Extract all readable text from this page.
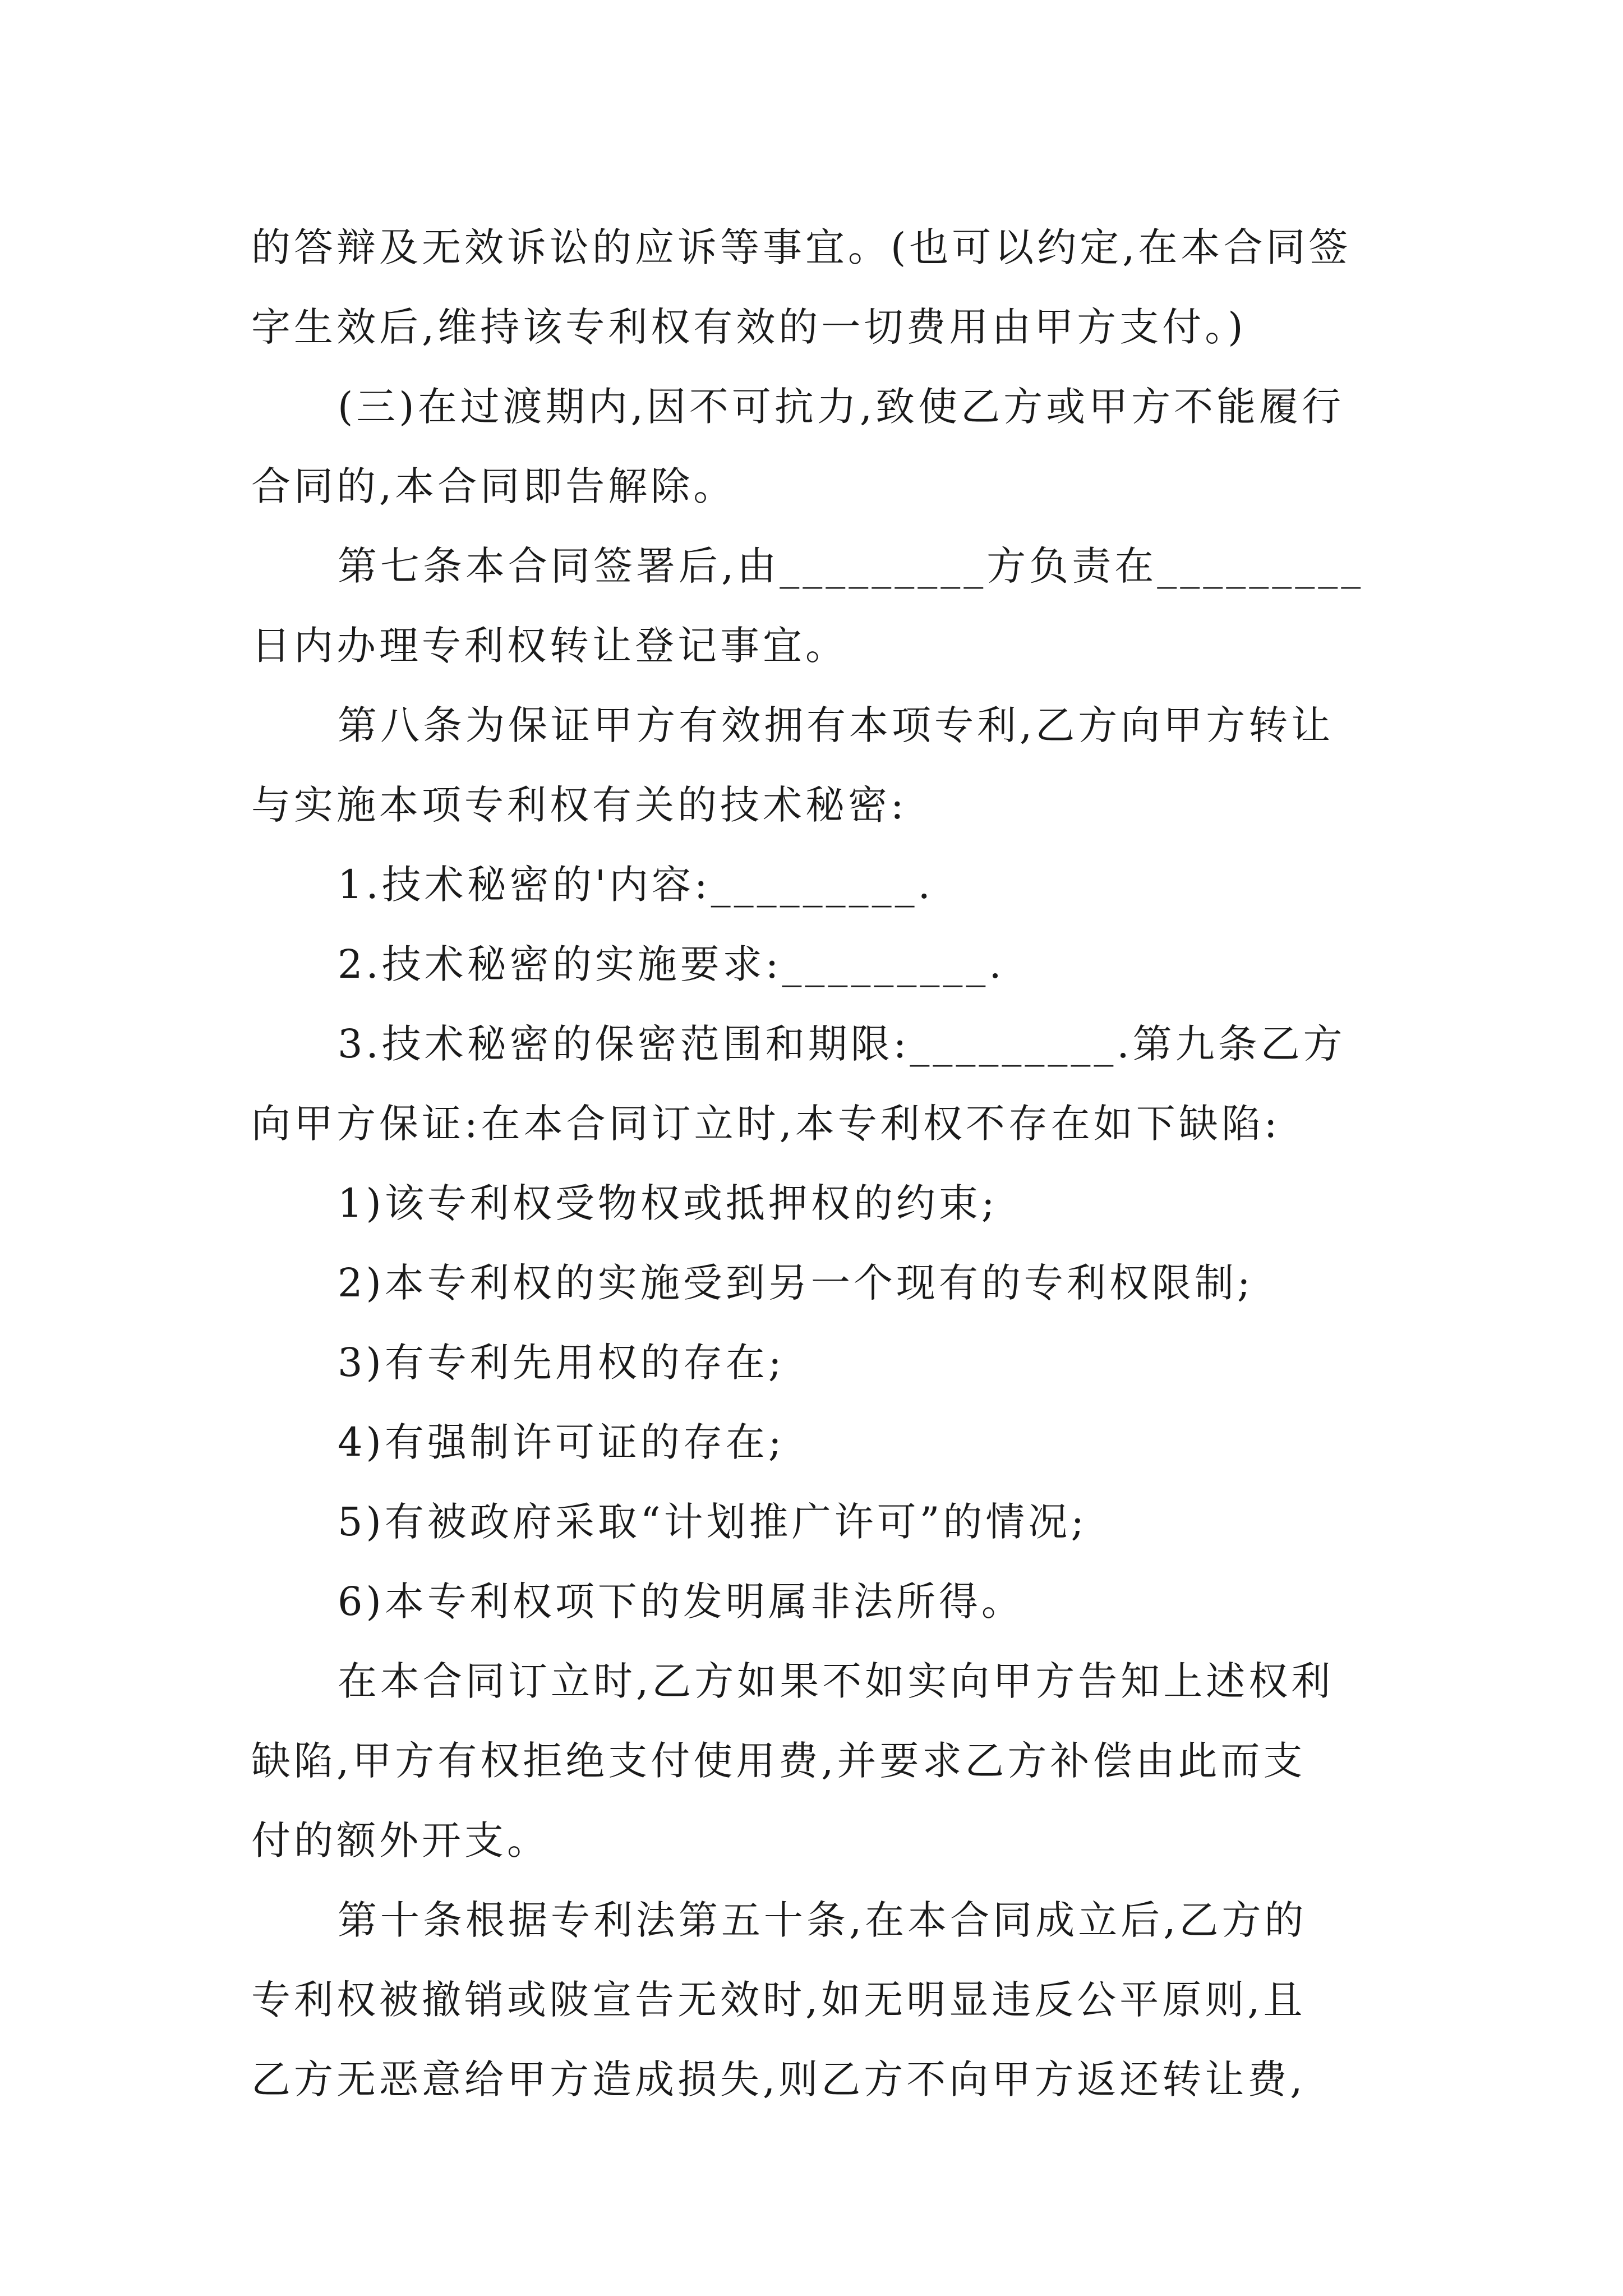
的答辩及无效诉讼的应诉等事宜。(也可以约定,在本合同签
字生效后,维持该专利权有效的一切费用由甲方支付。)
(三)在过渡期内,因不可抗力,致使乙方或甲方不能履行
合同的,本合同即告解除。
第七条本合同签署后,由_________方负责在_________
日内办理专利权转让登记事宜。
第八条为保证甲方有效拥有本项专利,乙方向甲方转让
与实施本项专利权有关的技术秘密:
1.技术秘密的'内容:_________.
2.技术秘密的实施要求:_________.
3.技术秘密的保密范围和期限:_________.第九条乙方
向甲方保证:在本合同订立时,本专利权不存在如下缺陷:
1)该专利权受物权或抵押权的约束;
2)本专利权的实施受到另一个现有的专利权限制;
3)有专利先用权的存在;
4)有强制许可证的存在;
5)有被政府采取“计划推广许可”的情况;
6)本专利权项下的发明属非法所得。
在本合同订立时,乙方如果不如实向甲方告知上述权利
缺陷,甲方有权拒绝支付使用费,并要求乙方补偿由此而支
付的额外开支。
第十条根据专利法第五十条,在本合同成立后,乙方的
专利权被撤销或陂宣告无效时,如无明显违反公平原则,且
乙方无恶意给甲方造成损失,则乙方不向甲方返还转让费,
